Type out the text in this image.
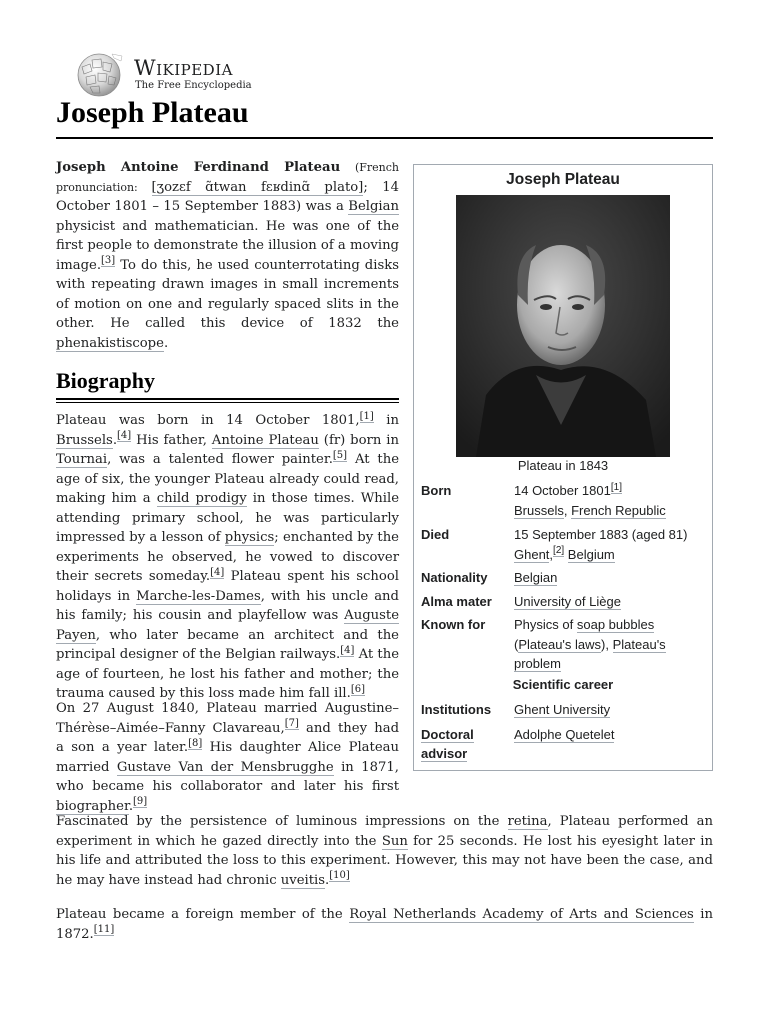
Wikipedia
The Free Encyclopedia
Joseph Plateau

Joseph Antoine Ferdinand Plateau (French pronunciation: [ʒozɛf ɑ̃twan fɛʁdinɑ̃ plato]; 14 October 1801 – 15 September 1883) was a Belgian physicist and mathematician. He was one of the first people to demonstrate the illusion of a moving image.[3] To do this, he used counterrotating disks with repeating drawn images in small increments of motion on one and regularly spaced slits in the other. He called this device of 1832 the phenakistiscope.

Biography

Plateau was born in 14 October 1801,[1] in Brussels.[4] His father, Antoine Plateau (fr) born in Tournai, was a talented flower painter.[5] At the age of six, the younger Plateau already could read, making him a child prodigy in those times. While attending primary school, he was particularly impressed by a lesson of physics; enchanted by the experiments he observed, he vowed to discover their secrets someday.[4] Plateau spent his school holidays in Marche-les-Dames, with his uncle and his family; his cousin and playfellow was Auguste Payen, who later became an architect and the principal designer of the Belgian railways.[4] At the age of fourteen, he lost his father and mother; the trauma caused by this loss made him fall ill.[6]

On 27 August 1840, Plateau married Augustine–Thérèse–Aimée–Fanny Clavareau,[7] and they had a son a year later.[8] His daughter Alice Plateau married Gustave Van der Mensbrugghe in 1871, who became his collaborator and later his first biographer.[9]

Fascinated by the persistence of luminous impressions on the retina, Plateau performed an experiment in which he gazed directly into the Sun for 25 seconds. He lost his eyesight later in his life and attributed the loss to this experiment. However, this may not have been the case, and he may have instead had chronic uveitis.[10]

Plateau became a foreign member of the Royal Netherlands Academy of Arts and Sciences in 1872.[11]

Joseph Plateau
Plateau in 1843
Born	14 October 1801[1]
Brussels, French Republic
Died	15 September 1883 (aged 81)
Ghent,[2] Belgium
Nationality Belgian
Alma mater University of Liège
Known for Physics of soap bubbles (Plateau's laws), Plateau's problem
Scientific career
Institutions Ghent University
Doctoral
advisor
Adolphe Quetelet
